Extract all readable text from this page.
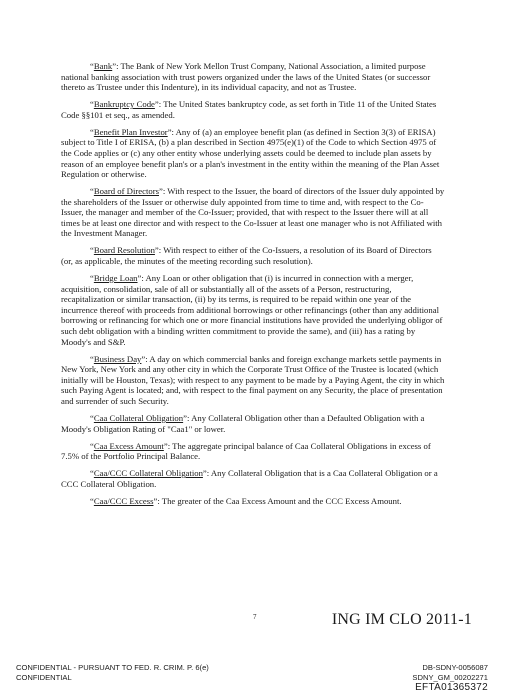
“Bank”: The Bank of New York Mellon Trust Company, National Association, a limited purpose national banking association with trust powers organized under the laws of the United States (or successor thereto as Trustee under this Indenture), in its individual capacity, and not as Trustee.

“Bankruptcy Code”: The United States bankruptcy code, as set forth in Title 11 of the United States Code §§101 et seq., as amended.

“Benefit Plan Investor”: Any of (a) an employee benefit plan (as defined in Section 3(3) of ERISA) subject to Title I of ERISA, (b) a plan described in Section 4975(e)(1) of the Code to which Section 4975 of the Code applies or (c) any other entity whose underlying assets could be deemed to include plan assets by reason of an employee benefit plan's or a plan's investment in the entity within the meaning of the Plan Asset Regulation or otherwise.

“Board of Directors”: With respect to the Issuer, the board of directors of the Issuer duly appointed by the shareholders of the Issuer or otherwise duly appointed from time to time and, with respect to the Co-Issuer, the manager and member of the Co-Issuer; provided, that with respect to the Issuer there will at all times be at least one director and with respect to the Co-Issuer at least one manager who is not Affiliated with the Investment Manager.

“Board Resolution”: With respect to either of the Co-Issuers, a resolution of its Board of Directors (or, as applicable, the minutes of the meeting recording such resolution).

“Bridge Loan”: Any Loan or other obligation that (i) is incurred in connection with a merger, acquisition, consolidation, sale of all or substantially all of the assets of a Person, restructuring, recapitalization or similar transaction, (ii) by its terms, is required to be repaid within one year of the incurrence thereof with proceeds from additional borrowings or other refinancings (other than any additional borrowing or refinancing for which one or more financial institutions have provided the underlying obligor of such debt obligation with a binding written commitment to provide the same), and (iii) has a rating by Moody's and S&P.

“Business Day”: A day on which commercial banks and foreign exchange markets settle payments in New York, New York and any other city in which the Corporate Trust Office of the Trustee is located (which initially will be Houston, Texas); with respect to any payment to be made by a Paying Agent, the city in which such Paying Agent is located; and, with respect to the final payment on any Security, the place of presentation and surrender of such Security.

“Caa Collateral Obligation”: Any Collateral Obligation other than a Defaulted Obligation with a Moody's Obligation Rating of "Caa1" or lower.

“Caa Excess Amount”: The aggregate principal balance of Caa Collateral Obligations in excess of 7.5% of the Portfolio Principal Balance.

“Caa/CCC Collateral Obligation”: Any Collateral Obligation that is a Caa Collateral Obligation or a CCC Collateral Obligation.

“Caa/CCC Excess”: The greater of the Caa Excess Amount and the CCC Excess Amount.

7	ING IM CLO 2011-1
CONFIDENTIAL - PURSUANT TO FED. R. CRIM. P. 6(e)
CONFIDENTIAL
DB-SDNY-0056087
SDNY_GM_00202271
EFTA01365372
